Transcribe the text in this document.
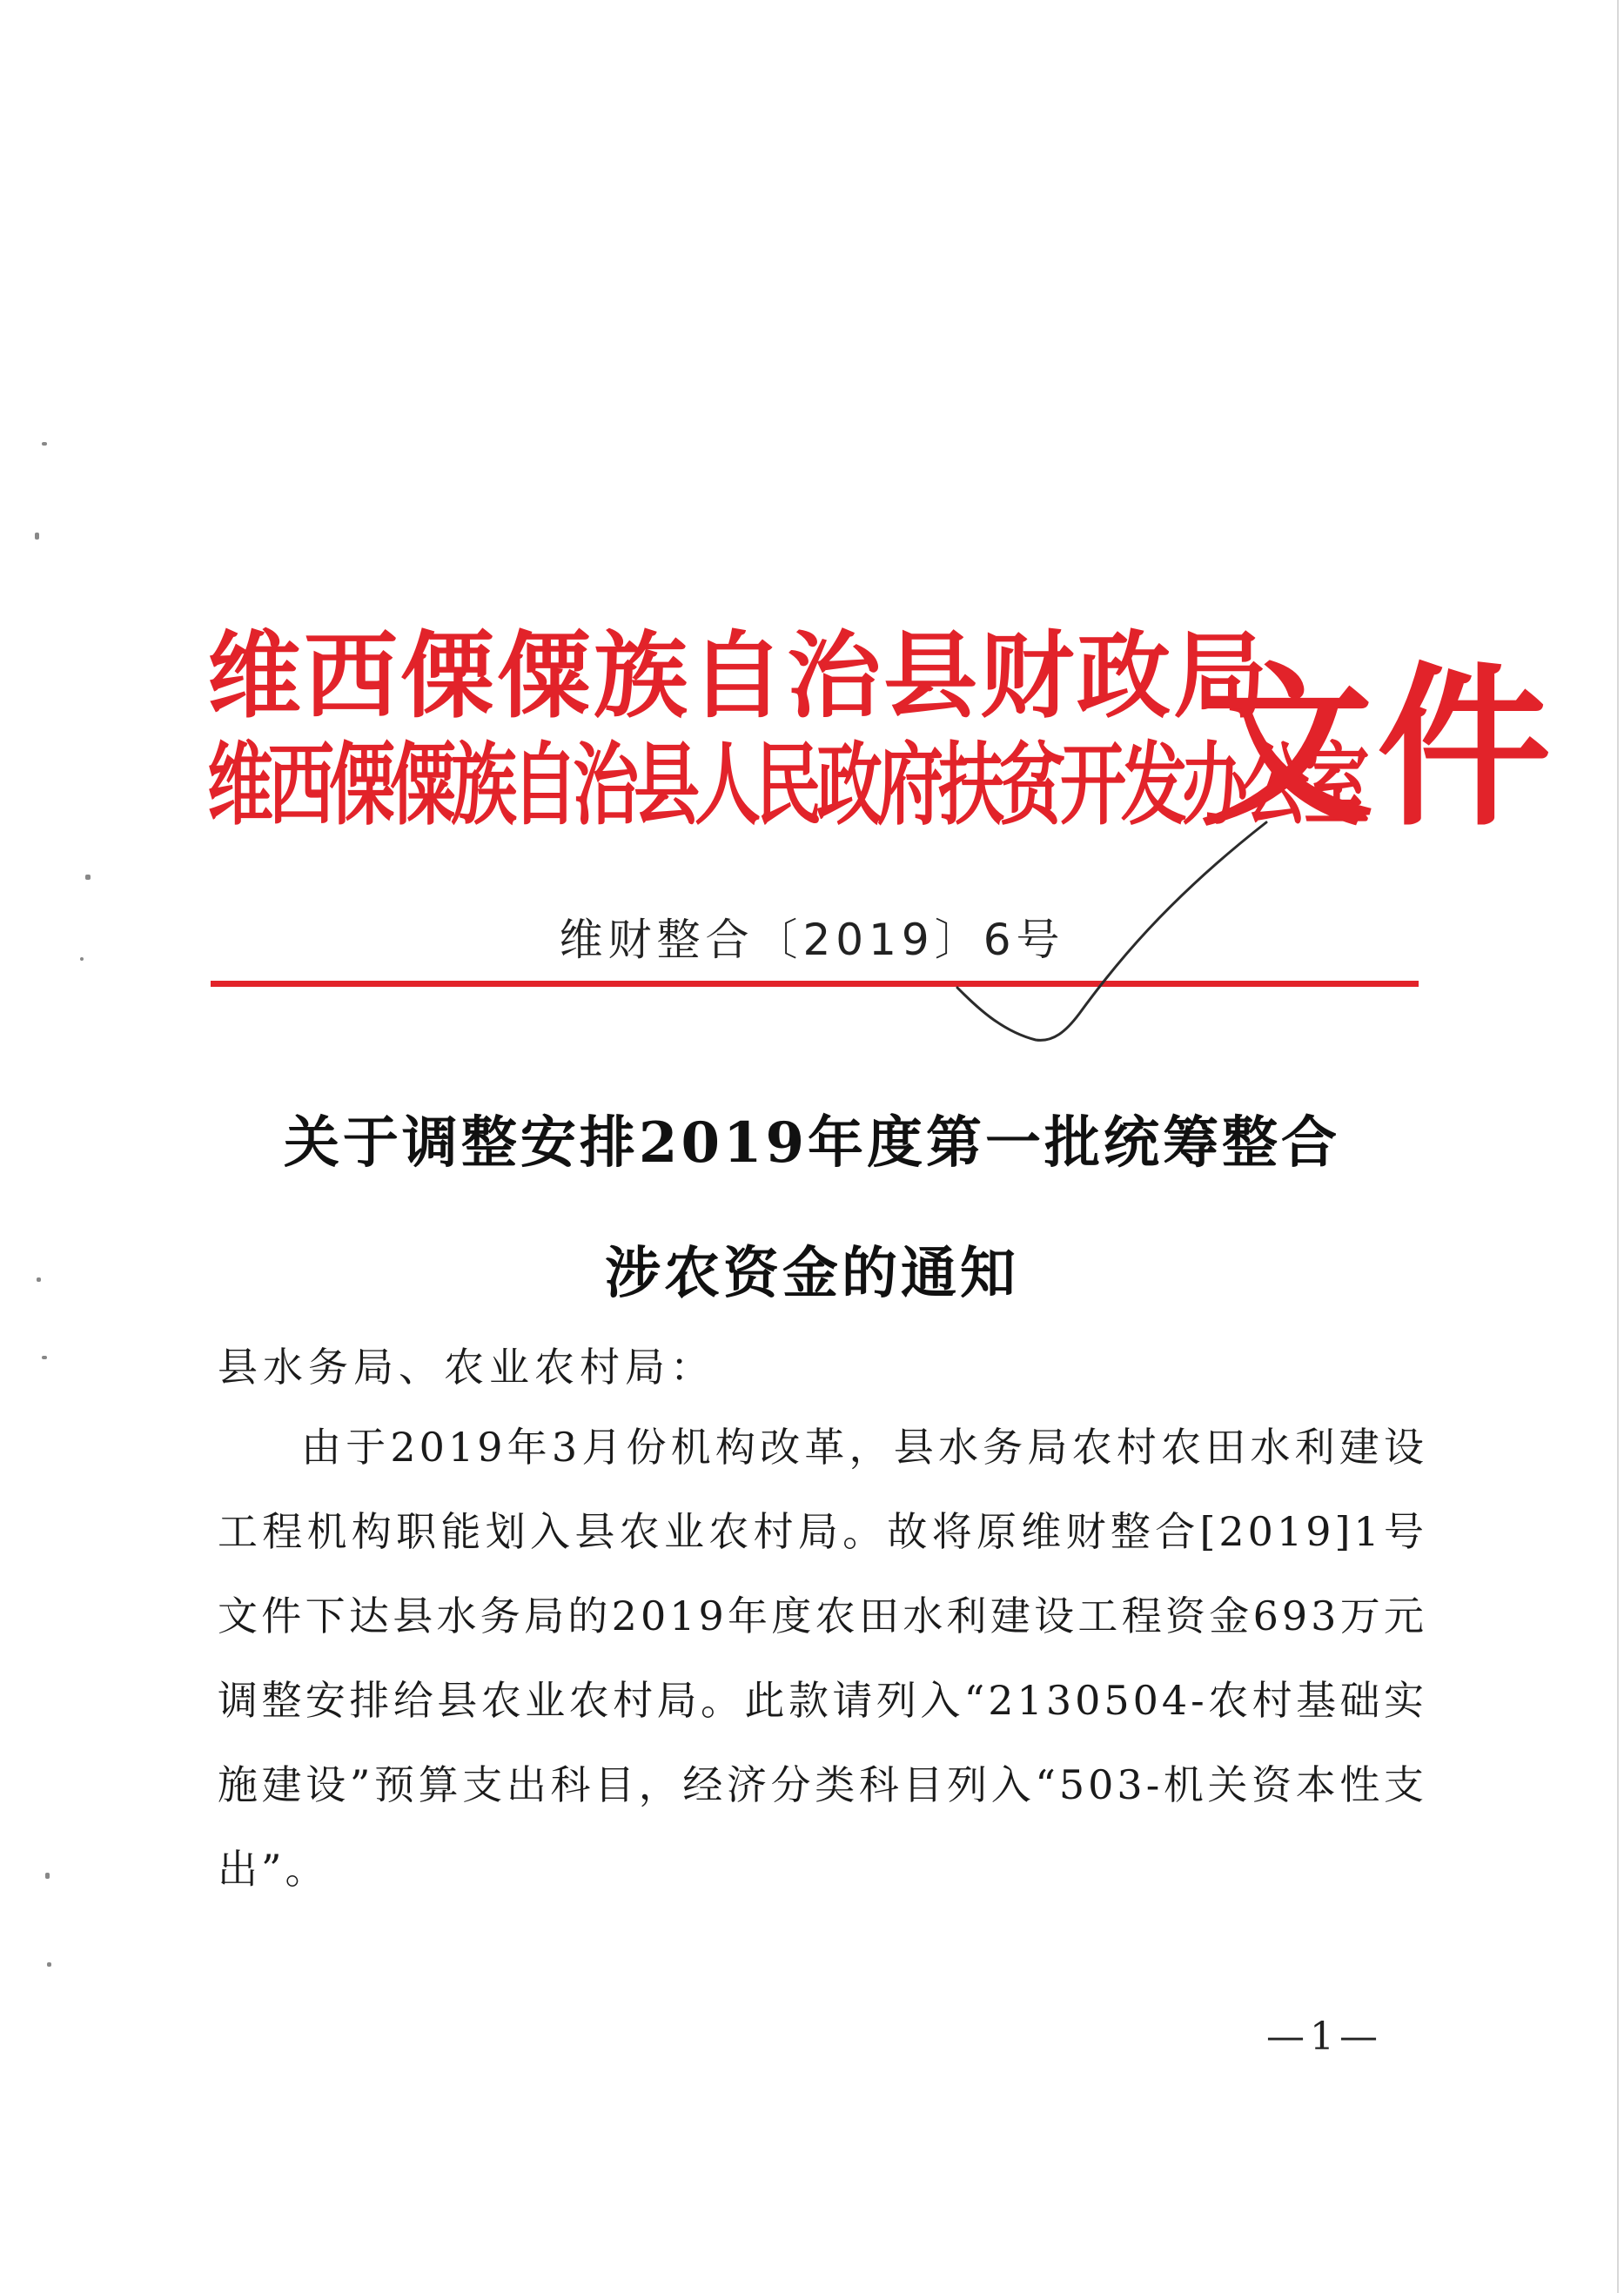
维西傈僳族自治县财政局
维西傈僳族自治县人民政府扶贫开发办公室
文件
维财整合〔2019〕6号
关于调整安排2019年度第一批统筹整合
涉农资金的通知
县水务局、农业农村局：
由于2019年3月份机构改革，县水务局农村农田水利建设工程机构职能划入县农业农村局。故将原维财整合[2019]1号文件下达县水务局的2019年度农田水利建设工程资金693万元调整安排给县农业农村局。此款请列入“2130504-农村基础实施建设”预算支出科目，经济分类科目列入“503-机关资本性支出”。
—1—
